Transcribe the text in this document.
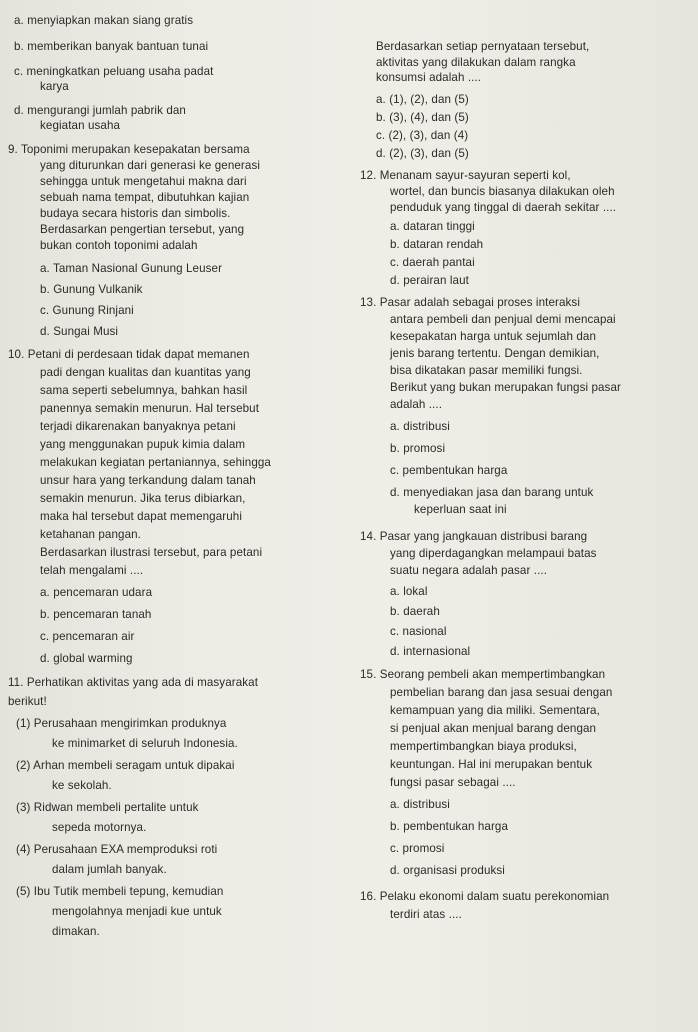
a. menyiapkan makan siang gratis
b. memberikan banyak bantuan tunai
c. meningkatkan peluang usaha padat
karya
d. mengurangi jumlah pabrik dan
kegiatan usaha
9. Toponimi merupakan kesepakatan bersama
yang diturunkan dari generasi ke generasi
sehingga untuk mengetahui makna dari
sebuah nama tempat, dibutuhkan kajian
budaya secara historis dan simbolis.
Berdasarkan pengertian tersebut, yang
bukan contoh toponimi adalah
a. Taman Nasional Gunung Leuser
b. Gunung Vulkanik
c. Gunung Rinjani
d. Sungai Musi
10. Petani di perdesaan tidak dapat memanen
padi dengan kualitas dan kuantitas yang
sama seperti sebelumnya, bahkan hasil
panennya semakin menurun. Hal tersebut
terjadi dikarenakan banyaknya petani
yang menggunakan pupuk kimia dalam
melakukan kegiatan pertaniannya, sehingga
unsur hara yang terkandung dalam tanah
semakin menurun. Jika terus dibiarkan,
maka hal tersebut dapat memengaruhi
ketahanan pangan.
Berdasarkan ilustrasi tersebut, para petani
telah mengalami ....
a. pencemaran udara
b. pencemaran tanah
c. pencemaran air
d. global warming
11. Perhatikan aktivitas yang ada di masyarakat
berikut!
(1) Perusahaan mengirimkan produknya
ke minimarket di seluruh Indonesia.
(2) Arhan membeli seragam untuk dipakai
ke sekolah.
(3) Ridwan membeli pertalite untuk
sepeda motornya.
(4) Perusahaan EXA memproduksi roti
dalam jumlah banyak.
(5) Ibu Tutik membeli tepung, kemudian
mengolahnya menjadi kue untuk
dimakan.
Berdasarkan setiap pernyataan tersebut,
aktivitas yang dilakukan dalam rangka
konsumsi adalah ....
a. (1), (2), dan (5)
b. (3), (4), dan (5)
c. (2), (3), dan (4)
d. (2), (3), dan (5)
12. Menanam sayur-sayuran seperti kol,
wortel, dan buncis biasanya dilakukan oleh
penduduk yang tinggal di daerah sekitar ....
a. dataran tinggi
b. dataran rendah
c. daerah pantai
d. perairan laut
13. Pasar adalah sebagai proses interaksi
antara pembeli dan penjual demi mencapai
kesepakatan harga untuk sejumlah dan
jenis barang tertentu. Dengan demikian,
bisa dikatakan pasar memiliki fungsi.
Berikut yang bukan merupakan fungsi pasar
adalah ....
a. distribusi
b. promosi
c. pembentukan harga
d. menyediakan jasa dan barang untuk
keperluan saat ini
14. Pasar yang jangkauan distribusi barang
yang diperdagangkan melampaui batas
suatu negara adalah pasar ....
a. lokal
b. daerah
c. nasional
d. internasional
15. Seorang pembeli akan mempertimbangkan
pembelian barang dan jasa sesuai dengan
kemampuan yang dia miliki. Sementara,
si penjual akan menjual barang dengan
mempertimbangkan biaya produksi,
keuntungan. Hal ini merupakan bentuk
fungsi pasar sebagai ....
a. distribusi
b. pembentukan harga
c. promosi
d. organisasi produksi
16. Pelaku ekonomi dalam suatu perekonomian
terdiri atas ....
